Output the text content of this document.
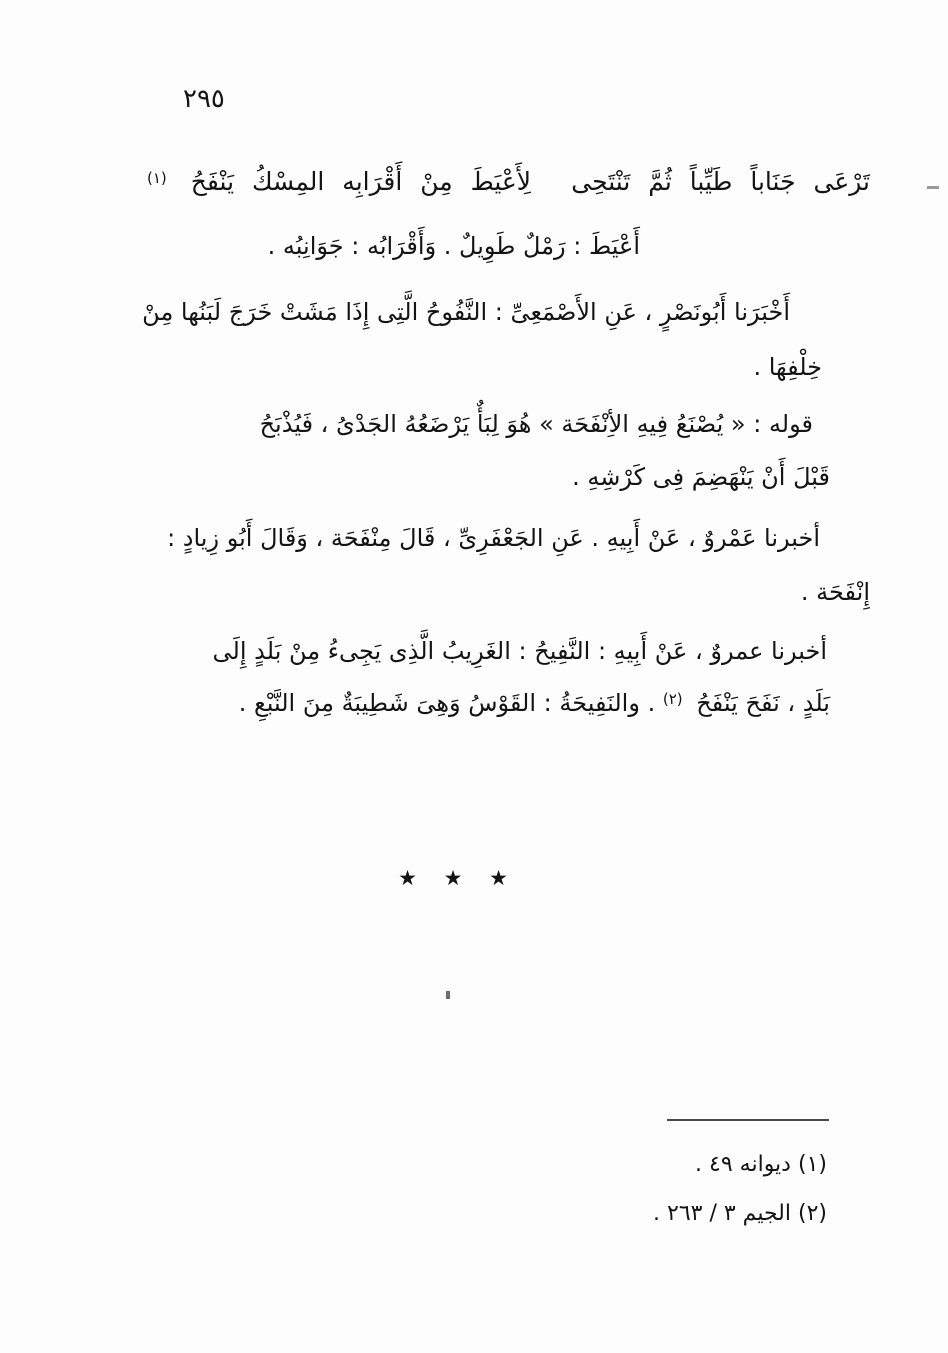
٢٩٥
تَرْعَى جَنَاباً طَيِّباً ثُمَّ تَنْتَحِى
لِأَعْيَطَ مِنْ أَقْرَابِه المِسْكُ يَنْفَحُ $^{(١)}$
أَعْيَطَ : رَمْلٌ طَوِيلٌ . وَأَقْرَابُه : جَوَانِبُه .
أَخْبَرَنا أَبُونَصْرٍ ، عَنِ الأَصْمَعِىِّ : النَّفُوحُ الَّتِى إِذَا مَشَتْ خَرَجَ لَبَنُها مِنْ
خِلْفِهَا .
قوله : « يُصْنَعُ فِيهِ الأِنْفَحَة » هُوَ لِبَأٌ يَرْضَعُهُ الجَدْىُ ، فَيُذْبَحُ
قَبْلَ أَنْ يَنْهَضِمَ فِى كَرْشِهِ .
أخبرنا عَمْروٌ ، عَنْ أَبِيهِ . عَنِ الجَعْفَرِىِّ ، قَالَ مِنْفَحَة ، وَقَالَ أَبُو زِيادٍ :
إِنْفَحَة .
أخبرنا عمروٌ ، عَنْ أَبِيهِ : النَّفِيحُ : الغَرِيبُ الَّذِى يَجِىءُ مِنْ بَلَدٍ إِلَى
بَلَدٍ ، نَفَحَ يَنْفَحُ $^{(٢)}$ . والنَفِيحَةُ : القَوْسُ وَهِىَ شَطِيبَةٌ مِنَ النَّبْعِ .
★ ★ ★
(١) ديوانه ٤٩ .
(٢) الجيم ٣ / ٢٦٣ .
